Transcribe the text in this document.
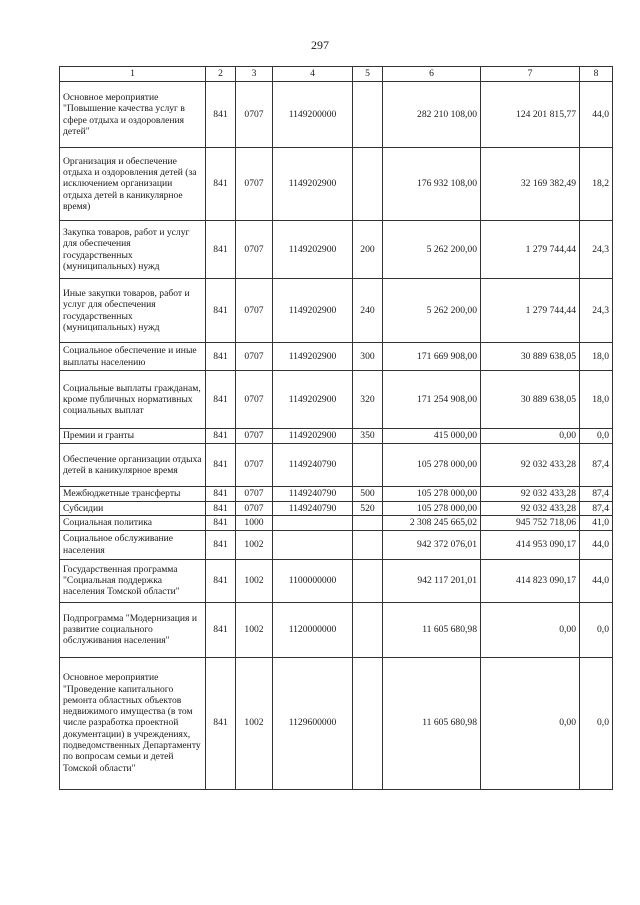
297
1	2	3	4	5	6	7	8
Основное мероприятие "Повышение качества услуг в сфере отдыха и оздоровления детей"	841	0707	1149200000		282 210 108,00	124 201 815,77	44,0
Организация и обеспечение отдыха и оздоровления детей (за исключением организации отдыха детей в каникулярное время)	841	0707	1149202900		176 932 108,00	32 169 382,49	18,2
Закупка товаров, работ и услуг для обеспечения государственных (муниципальных) нужд	841	0707	1149202900	200	5 262 200,00	1 279 744,44	24,3
Иные закупки товаров, работ и услуг для обеспечения государственных (муниципальных) нужд	841	0707	1149202900	240	5 262 200,00	1 279 744,44	24,3
Социальное обеспечение и иные выплаты населению	841	0707	1149202900	300	171 669 908,00	30 889 638,05	18,0
Социальные выплаты гражданам, кроме публичных нормативных социальных выплат	841	0707	1149202900	320	171 254 908,00	30 889 638,05	18,0
Премии и гранты	841	0707	1149202900	350	415 000,00	0,00	0,0
Обеспечение организации отдыха детей в каникулярное время	841	0707	1149240790		105 278 000,00	92 032 433,28	87,4
Межбюджетные трансферты	841	0707	1149240790	500	105 278 000,00	92 032 433,28	87,4
Субсидии	841	0707	1149240790	520	105 278 000,00	92 032 433,28	87,4
Социальная политика	841	1000			2 308 245 665,02	945 752 718,06	41,0
Социальное обслуживание населения	841	1002			942 372 076,01	414 953 090,17	44,0
Государственная программа "Социальная поддержка населения Томской области"	841	1002	1100000000		942 117 201,01	414 823 090,17	44,0
Подпрограмма "Модернизация и развитие социального обслуживания населения"	841	1002	1120000000		11 605 680,98	0,00	0,0
Основное мероприятие "Проведение капитального ремонта областных объектов недвижимого имущества (в том числе разработка проектной документации) в учреждениях, подведомственных Департаменту по вопросам семьи и детей Томской области"	841	1002	1129600000		11 605 680,98	0,00	0,0
